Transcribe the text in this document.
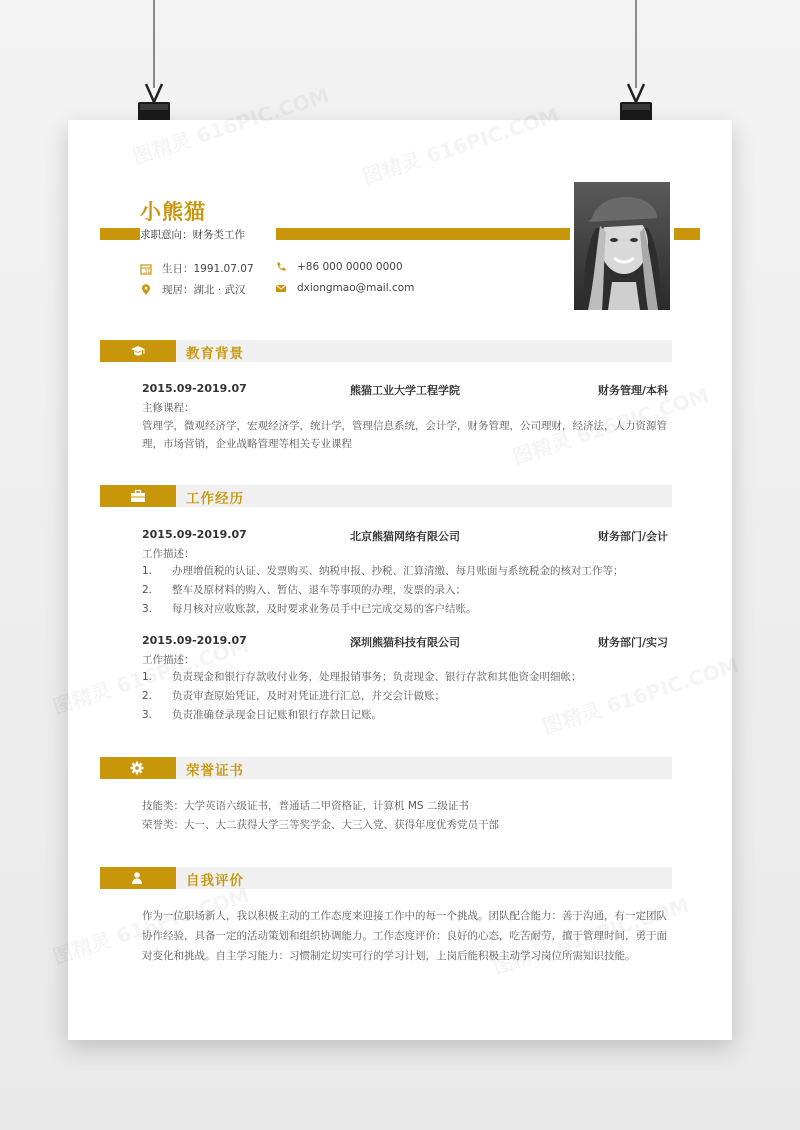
小熊猫
求职意向：财务类工作
31 生日：1991.07.07
现居：湖北 · 武汉
+86 000 0000 0000
dxiongmao@mail.com
教育背景
2015.09-2019.07	熊猫工业大学工程学院	财务管理/本科
主修课程：
管理学，微观经济学，宏观经济学，统计学，管理信息系统，会计学，财务管理，公司理财，经济法，人力资源管理，市场营销，企业战略管理等相关专业课程
工作经历
2015.09-2019.07	北京熊猫网络有限公司	财务部门/会计
工作描述：
1. 办理增值税的认证、发票购买、纳税申报、抄税、汇算清缴、每月账面与系统税金的核对工作等；
2. 整车及原材料的购入、暂估、退车等事项的办理，发票的录入；
3. 每月核对应收账款，及时要求业务员手中已完成交易的客户结账。
2015.09-2019.07	深圳熊猫科技有限公司	财务部门/实习
工作描述：
1. 负责现金和银行存款收付业务，处理报销事务；负责现金、银行存款和其他资金明细帐；
2. 负责审查原始凭证，及时对凭证进行汇总，并交会计做账；
3. 负责准确登录现金日记账和银行存款日记账。
荣誉证书
技能类：大学英语六级证书，普通话二甲资格证，计算机 MS 二级证书
荣誉类：大一、大二获得大学三等奖学金、大三入党、获得年度优秀党员干部
自我评价
作为一位职场新人，我以积极主动的工作态度来迎接工作中的每一个挑战。团队配合能力：善于沟通，有一定团队协作经验，具备一定的活动策划和组织协调能力。工作态度评价：良好的心态，吃苦耐劳，擅于管理时间，勇于面对变化和挑战。自主学习能力：习惯制定切实可行的学习计划，上岗后能积极主动学习岗位所需知识技能。
